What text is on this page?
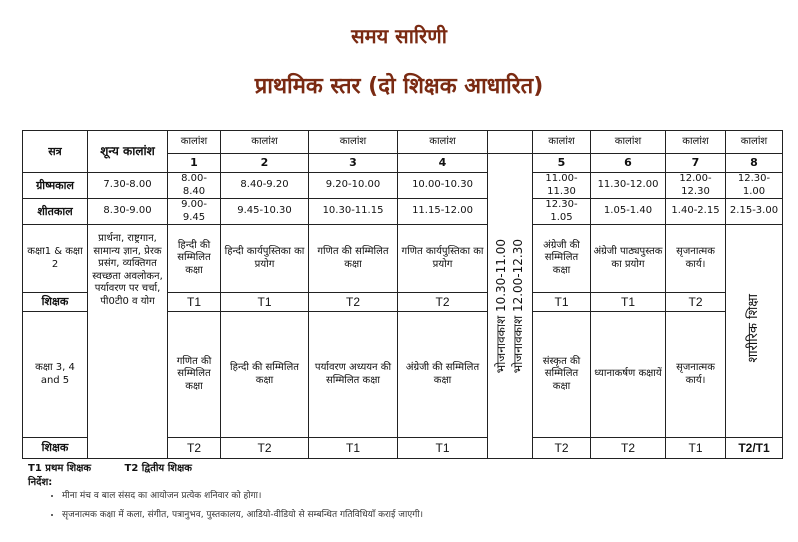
समय सारिणी
प्राथमिक स्तर (दो शिक्षक आधारित)
सत्र	शून्य कालांश	कालांश	कालांश	कालांश	कालांश		कालांश	कालांश	कालांश	कालांश
		1	2	3	4	भोजनावकाश 10.30-11.00 भोजनावकाश 12.00-12.30	5	6	7	8
ग्रीष्मकाल	7.30-8.00	8.00-8.40	8.40-9.20	9.20-10.00	10.00-10.30		11.00-11.30	11.30-12.00	12.00-12.30	12.30-1.00
शीतकाल	8.30-9.00	9.00-9.45	9.45-10.30	10.30-11.15	11.15-12.00		12.30-1.05	1.05-1.40	1.40-2.15	2.15-3.00
कक्षा1 & कक्षा 2	प्रार्थना, राष्ट्रगान, सामान्य ज्ञान, प्रेरक प्रसंग, व्यक्तिगत स्वच्छता अवलोकन, पर्यावरण पर चर्चा, पी0टी0 व योग	हिन्दी की सम्मिलित कक्षा	हिन्दी कार्यपुस्तिका का प्रयोग	गणित की सम्मिलित कक्षा	गणित कार्यपुस्तिका का प्रयोग		अंग्रेजी की सम्मिलित कक्षा	अंग्रेजी पाठ्यपुस्तक का प्रयोग	सृजनात्मक कार्य।	शारीरिक शिक्षा
शिक्षक		T1	T1	T2	T2		T1	T1	T2	
कक्षा 3, 4 and 5		गणित की सम्मिलित कक्षा	हिन्दी की सम्मिलित कक्षा	पर्यावरण अध्ययन की सम्मिलित कक्षा	अंग्रेजी की सम्मिलित कक्षा		संस्कृत की सम्मिलित कक्षा	ध्यानाकर्षण कक्षायें	सृजनात्मक कार्य।	
शिक्षक		T2	T2	T1	T1		T2	T2	T1	T2/T1
T1 प्रथम शिक्षक	T2 द्वितीय शिक्षक
निर्देश:
• मीना मंच व बाल संसद का आयोजन प्रत्येक शनिवार को होगा।
• सृजनात्मक कक्षा में कला, संगीत, पत्रानुभव, पुस्तकालय, आडियो-वीडियो से सम्बन्धित गतिविधियाँ कराई जाएगी।
